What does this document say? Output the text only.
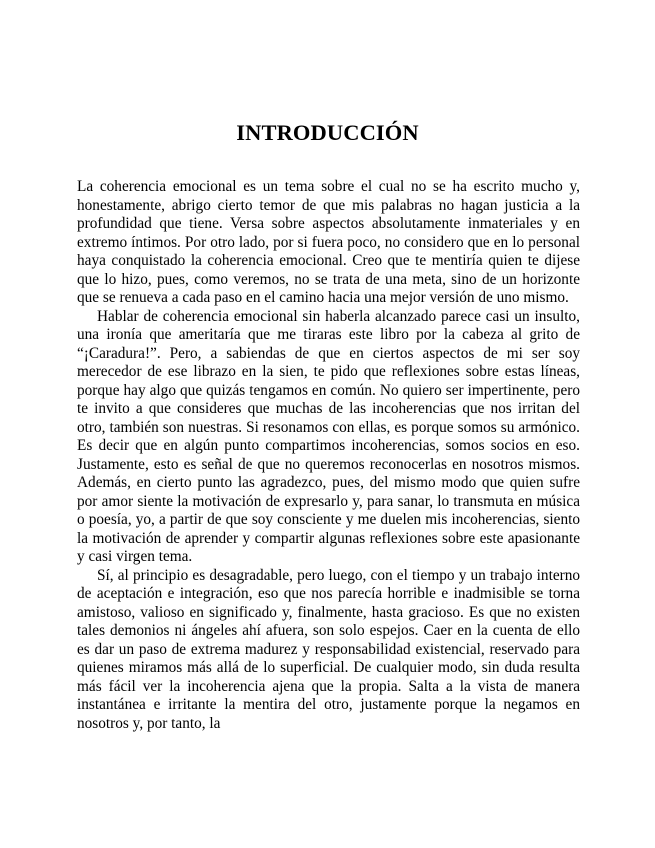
INTRODUCCIÓN

La coherencia emocional es un tema sobre el cual no se ha escrito mucho y, honestamente, abrigo cierto temor de que mis palabras no hagan justicia a la profundidad que tiene. Versa sobre aspectos absolutamente inmateriales y en extremo íntimos. Por otro lado, por si fuera poco, no considero que en lo personal haya conquistado la coherencia emocional. Creo que te mentiría quien te dijese que lo hizo, pues, como veremos, no se trata de una meta, sino de un horizonte que se renueva a cada paso en el camino hacia una mejor versión de uno mismo.

Hablar de coherencia emocional sin haberla alcanzado parece casi un insulto, una ironía que ameritaría que me tiraras este libro por la cabeza al grito de “¡Caradura!”. Pero, a sabiendas de que en ciertos aspectos de mi ser soy merecedor de ese librazo en la sien, te pido que reflexiones sobre estas líneas, porque hay algo que quizás tengamos en común. No quiero ser impertinente, pero te invito a que consideres que muchas de las incoherencias que nos irritan del otro, también son nuestras. Si resonamos con ellas, es porque somos su armónico. Es decir que en algún punto compartimos incoherencias, somos socios en eso. Justamente, esto es señal de que no queremos reconocerlas en nosotros mismos. Además, en cierto punto las agradezco, pues, del mismo modo que quien sufre por amor siente la motivación de expresarlo y, para sanar, lo transmuta en música o poesía, yo, a partir de que soy consciente y me duelen mis incoherencias, siento la motivación de aprender y compartir algunas reflexiones sobre este apasionante y casi virgen tema.

Sí, al principio es desagradable, pero luego, con el tiempo y un trabajo interno de aceptación e integración, eso que nos parecía horrible e inadmisible se torna amistoso, valioso en significado y, finalmente, hasta gracioso. Es que no existen tales demonios ni ángeles ahí afuera, son solo espejos. Caer en la cuenta de ello es dar un paso de extrema madurez y responsabilidad existencial, reservado para quienes miramos más allá de lo superficial. De cualquier modo, sin duda resulta más fácil ver la incoherencia ajena que la propia. Salta a la vista de manera instantánea e irritante la mentira del otro, justamente porque la negamos en nosotros y, por tanto, la
